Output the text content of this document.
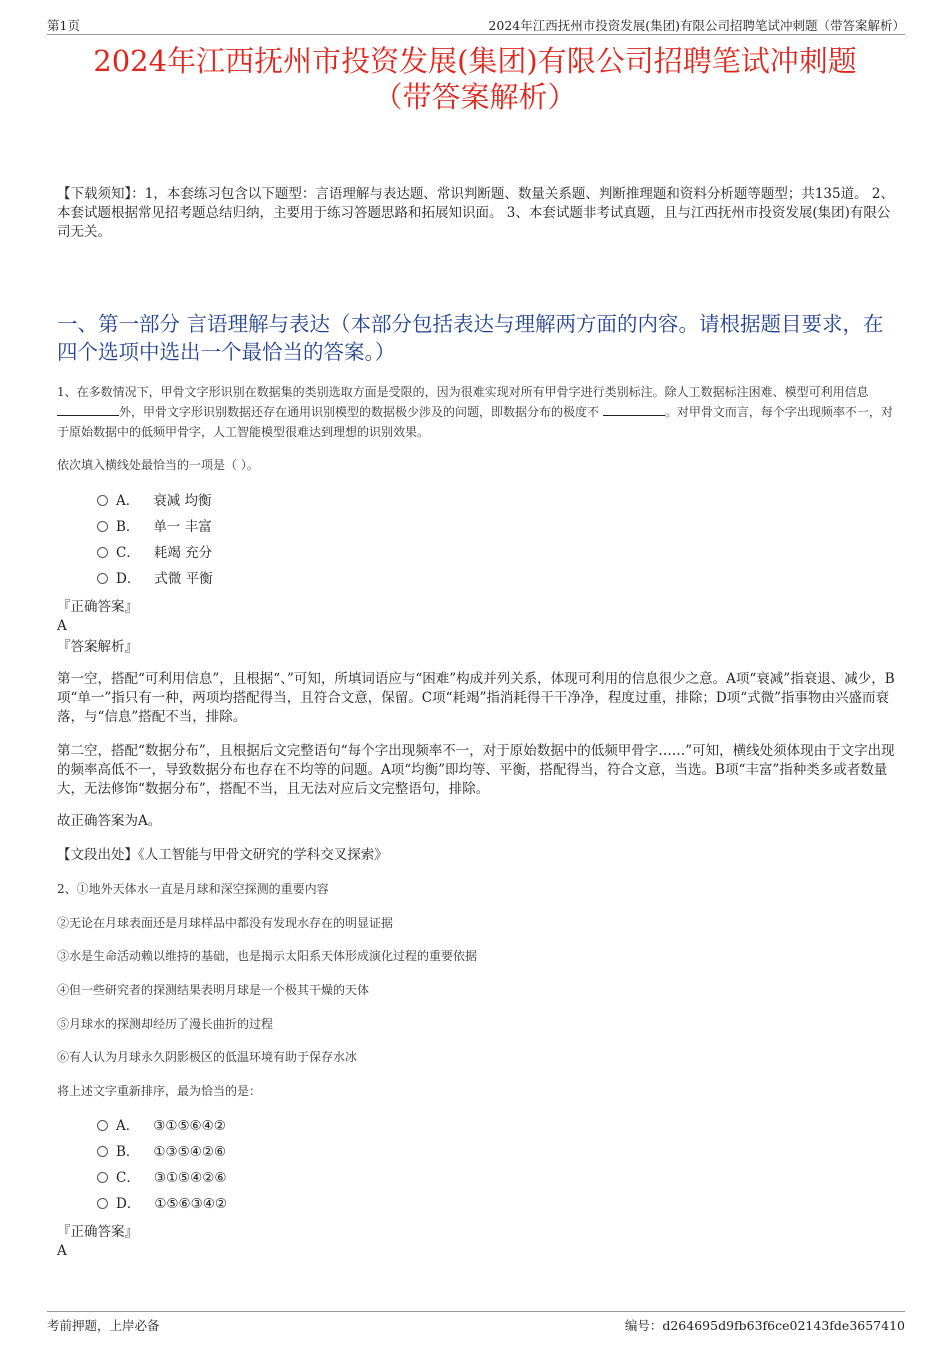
第1页	2024年江西抚州市投资发展(集团)有限公司招聘笔试冲刺题（带答案解析）
2024年江西抚州市投资发展(集团)有限公司招聘笔试冲刺题
（带答案解析）
【下载须知】：1，本套练习包含以下题型：言语理解与表达题、常识判断题、数量关系题、判断推理题和资料分析题等题型；共135道。 2、本套试题根据常见招考题总结归纳，主要用于练习答题思路和拓展知识面。 3、本套试题非考试真题，且与江西抚州市投资发展(集团)有限公司无关。
一、第一部分 言语理解与表达（本部分包括表达与理解两方面的内容。请根据题目要求，在四个选项中选出一个最恰当的答案。）
1、在多数情况下，甲骨文字形识别在数据集的类别选取方面是受限的，因为很难实现对所有甲骨字进行类别标注。除人工数据标注困难、模型可利用信息 外，甲骨文字形识别数据还存在通用识别模型的数据极少涉及的问题，即数据分布的极度不	。对甲骨文而言，每个字出现频率不一，对于原始数据中的低频甲骨字，人工智能模型很难达到理想的识别效果。
依次填入横线处最恰当的一项是（ ）。
A． 衰减 均衡
B． 单一 丰富
C． 耗竭 充分
D． 式微 平衡
『正确答案』
A
『答案解析』
第一空，搭配“可利用信息”，且根据“、”可知，所填词语应与“困难”构成并列关系，体现可利用的信息很少之意。A项“衰减”指衰退、减少，B项“单一”指只有一种，两项均搭配得当，且符合文意，保留。C项“耗竭”指消耗得干干净净，程度过重，排除；D项“式微”指事物由兴盛而衰落，与“信息”搭配不当，排除。
第二空，搭配“数据分布”，且根据后文完整语句“每个字出现频率不一，对于原始数据中的低频甲骨字……”可知，横线处须体现由于文字出现的频率高低不一，导致数据分布也存在不均等的问题。A项“均衡”即均等、平衡，搭配得当，符合文意，当选。B项“丰富”指种类多或者数量大，无法修饰“数据分布”，搭配不当，且无法对应后文完整语句，排除。
故正确答案为A。
【文段出处】《人工智能与甲骨文研究的学科交叉探索》
2、①地外天体水一直是月球和深空探测的重要内容
②无论在月球表面还是月球样品中都没有发现水存在的明显证据
③水是生命活动赖以维持的基础，也是揭示太阳系天体形成演化过程的重要依据
④但一些研究者的探测结果表明月球是一个极其干燥的天体
⑤月球水的探测却经历了漫长曲折的过程
⑥有人认为月球永久阴影极区的低温环境有助于保存水冰
将上述文字重新排序，最为恰当的是：
A． ③①⑤⑥④②
B． ①③⑤④②⑥
C． ③①⑤④②⑥
D． ①⑤⑥③④②
『正确答案』
A
考前押题，上岸必备	编号：d264695d9fb63f6ce02143fde3657410
